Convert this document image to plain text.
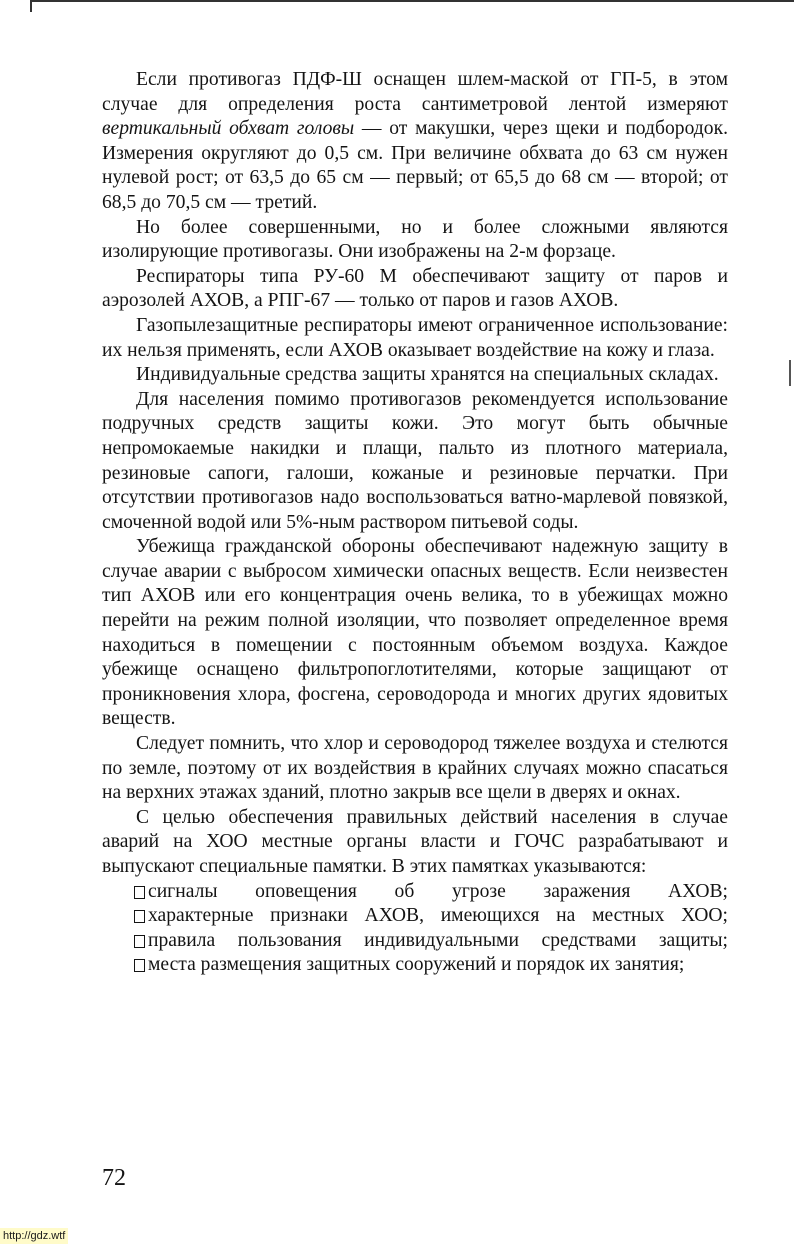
Если противогаз ПДФ-Ш оснащен шлем-маской от ГП-5, в этом случае для определения роста сантиметровой лентой измеряют вертикальный обхват головы — от макушки, через щеки и подбородок. Измерения округляют до 0,5 см. При величине обхвата до 63 см нужен нулевой рост; от 63,5 до 65 см — первый; от 65,5 до 68 см — второй; от 68,5 до 70,5 см — третий.

Но более совершенными, но и более сложными являются изолирующие противогазы. Они изображены на 2-м форзаце.

Респираторы типа РУ-60 М обеспечивают защиту от паров и аэрозолей АХОВ, а РПГ-67 — только от паров и газов АХОВ.

Газопылезащитные респираторы имеют ограниченное использование: их нельзя применять, если АХОВ оказывает воздействие на кожу и глаза.

Индивидуальные средства защиты хранятся на специальных складах.

Для населения помимо противогазов рекомендуется использование подручных средств защиты кожи. Это могут быть обычные непромокаемые накидки и плащи, пальто из плотного материала, резиновые сапоги, галоши, кожаные и резиновые перчатки. При отсутствии противогазов надо воспользоваться ватно-марлевой повязкой, смоченной водой или 5%-ным раствором питьевой соды.

Убежища гражданской обороны обеспечивают надежную защиту в случае аварии с выбросом химически опасных веществ. Если неизвестен тип АХОВ или его концентрация очень велика, то в убежищах можно перейти на режим полной изоляции, что позволяет определенное время находиться в помещении с постоянным объемом воздуха. Каждое убежище оснащено фильтропоглотителями, которые защищают от проникновения хлора, фосгена, сероводорода и многих других ядовитых веществ.

Следует помнить, что хлор и сероводород тяжелее воздуха и стелются по земле, поэтому от их воздействия в крайних случаях можно спасаться на верхних этажах зданий, плотно закрыв все щели в дверях и окнах.

С целью обеспечения правильных действий населения в случае аварий на ХОО местные органы власти и ГОЧС разрабатывают и выпускают специальные памятки. В этих памятках указываются:

сигналы оповещения об угрозе заражения АХОВ;

характерные признаки АХОВ, имеющихся на местных ХОО;

правила пользования индивидуальными средствами защиты;

места размещения защитных сооружений и порядок их занятия;

72
http://gdz.wtf
